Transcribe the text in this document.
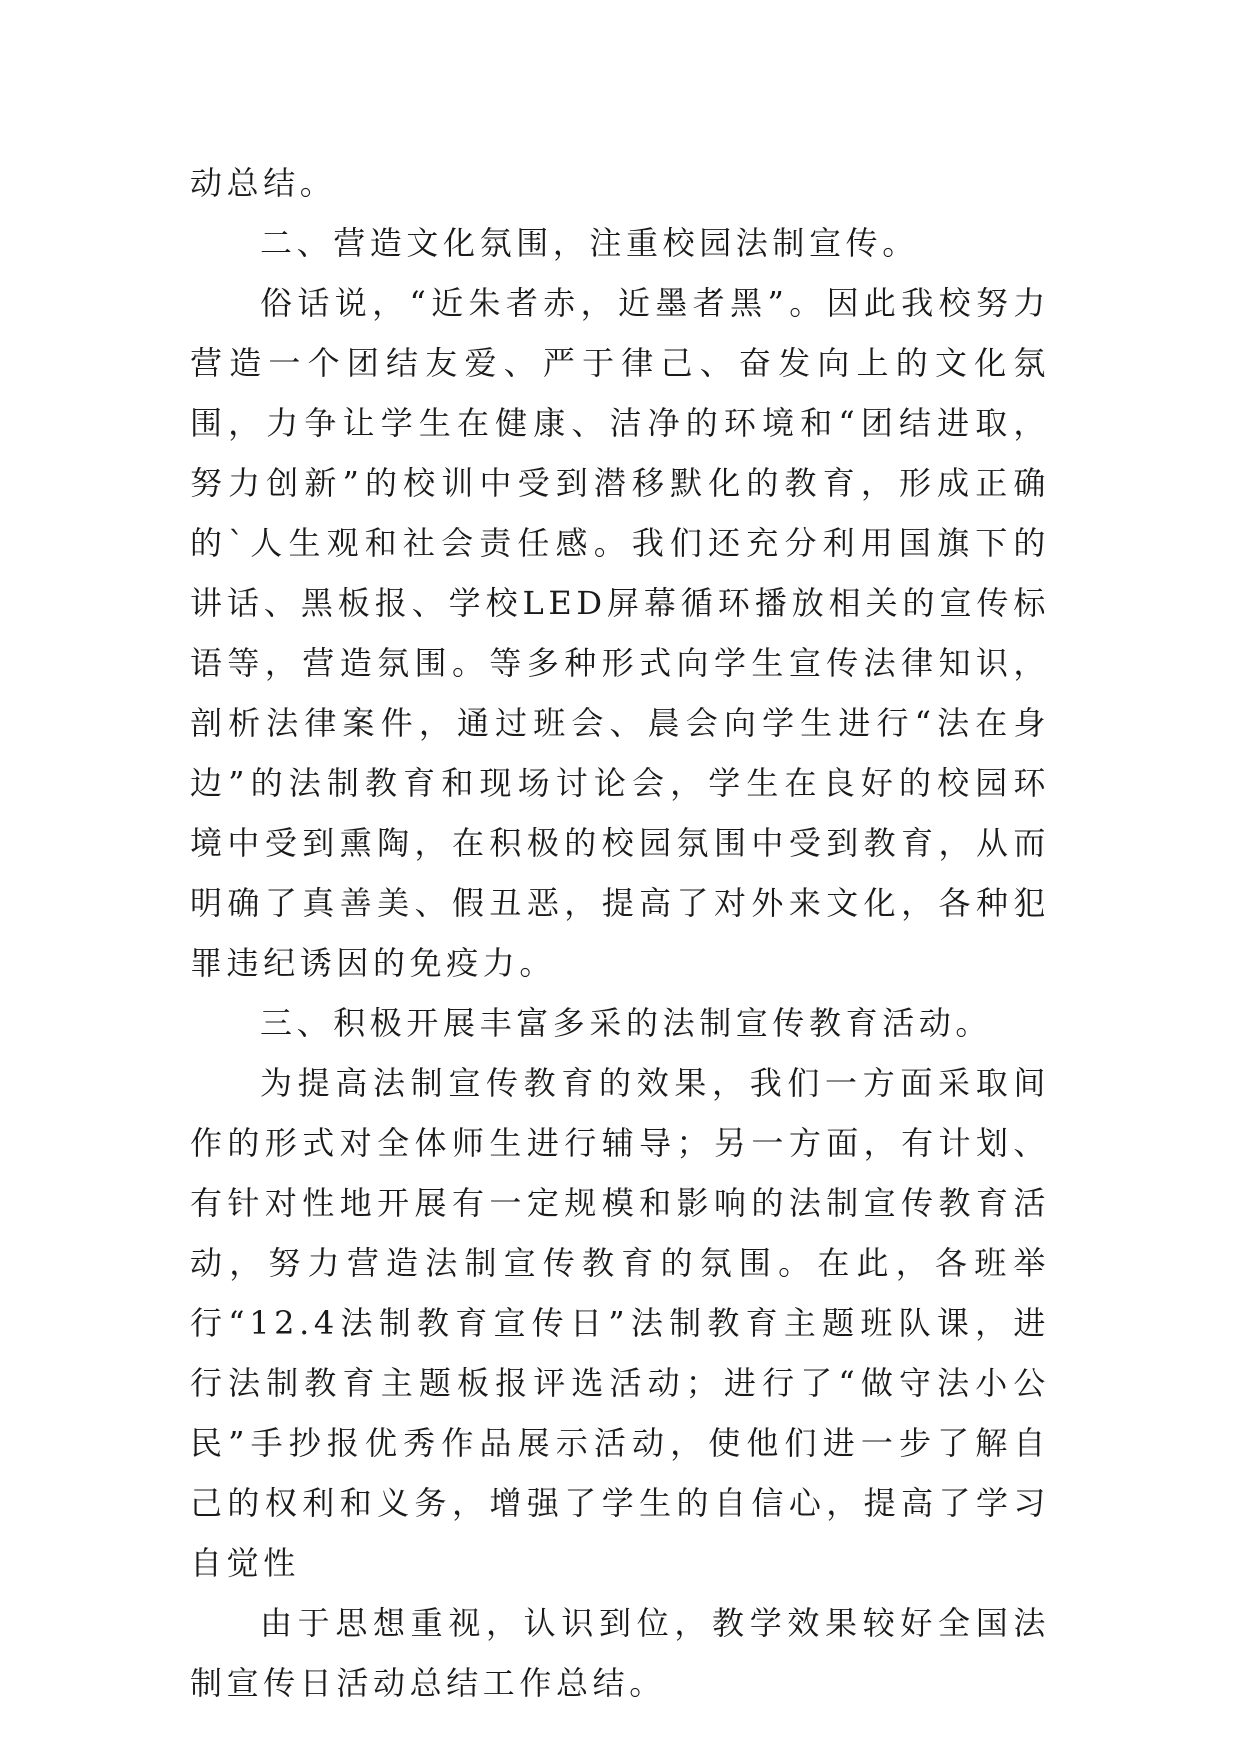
动总结。

二、营造文化氛围，注重校园法制宣传。

俗话说，“近朱者赤，近墨者黑”。因此我校努力营造一个团结友爱、严于律己、奋发向上的文化氛围，力争让学生在健康、洁净的环境和“团结进取，努力创新”的校训中受到潜移默化的教育，形成正确的`人生观和社会责任感。我们还充分利用国旗下的讲话、黑板报、学校LED屏幕循环播放相关的宣传标语等，营造氛围。等多种形式向学生宣传法律知识，剖析法律案件，通过班会、晨会向学生进行“法在身边”的法制教育和现场讨论会，学生在良好的校园环境中受到熏陶，在积极的校园氛围中受到教育，从而明确了真善美、假丑恶，提高了对外来文化，各种犯罪违纪诱因的免疫力。

三、积极开展丰富多采的法制宣传教育活动。

为提高法制宣传教育的效果，我们一方面采取间作的形式对全体师生进行辅导；另一方面，有计划、有针对性地开展有一定规模和影响的法制宣传教育活动，努力营造法制宣传教育的氛围。在此，各班举行“12.4法制教育宣传日”法制教育主题班队课，进行法制教育主题板报评选活动；进行了“做守法小公民”手抄报优秀作品展示活动，使他们进一步了解自己的权利和义务，增强了学生的自信心，提高了学习自觉性

由于思想重视，认识到位，教学效果较好全国法制宣传日活动总结工作总结。
